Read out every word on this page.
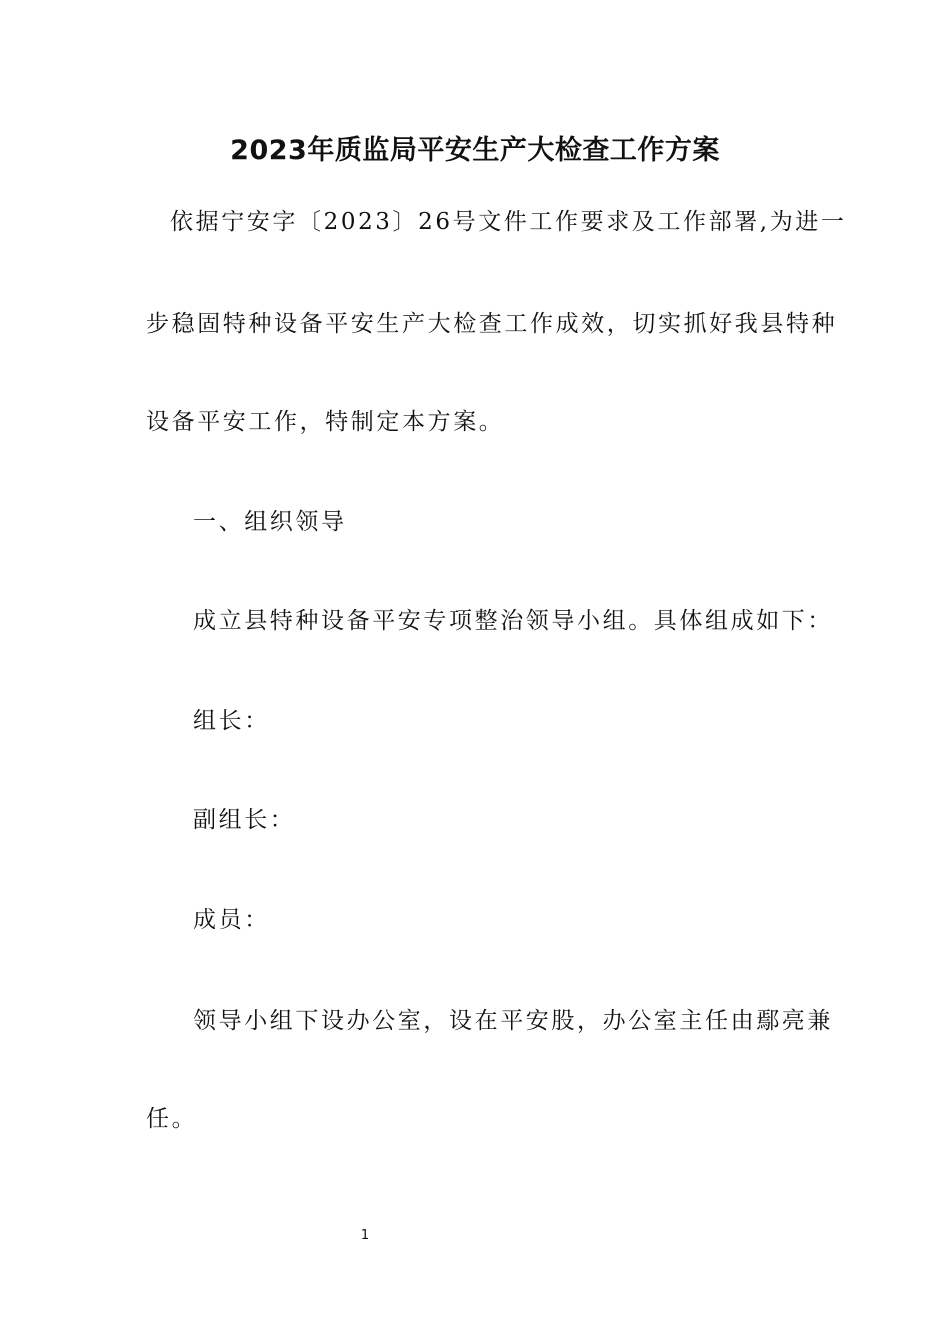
2023年质监局平安生产大检查工作方案
依据宁安字〔2023〕26号文件工作要求及工作部署,为进一
步稳固特种设备平安生产大检查工作成效，切实抓好我县特种
设备平安工作，特制定本方案。
一、组织领导
成立县特种设备平安专项整治领导小组。具体组成如下：
组长：
副组长：
成员：
领导小组下设办公室，设在平安股，办公室主任由鄢亮兼
任。
1
